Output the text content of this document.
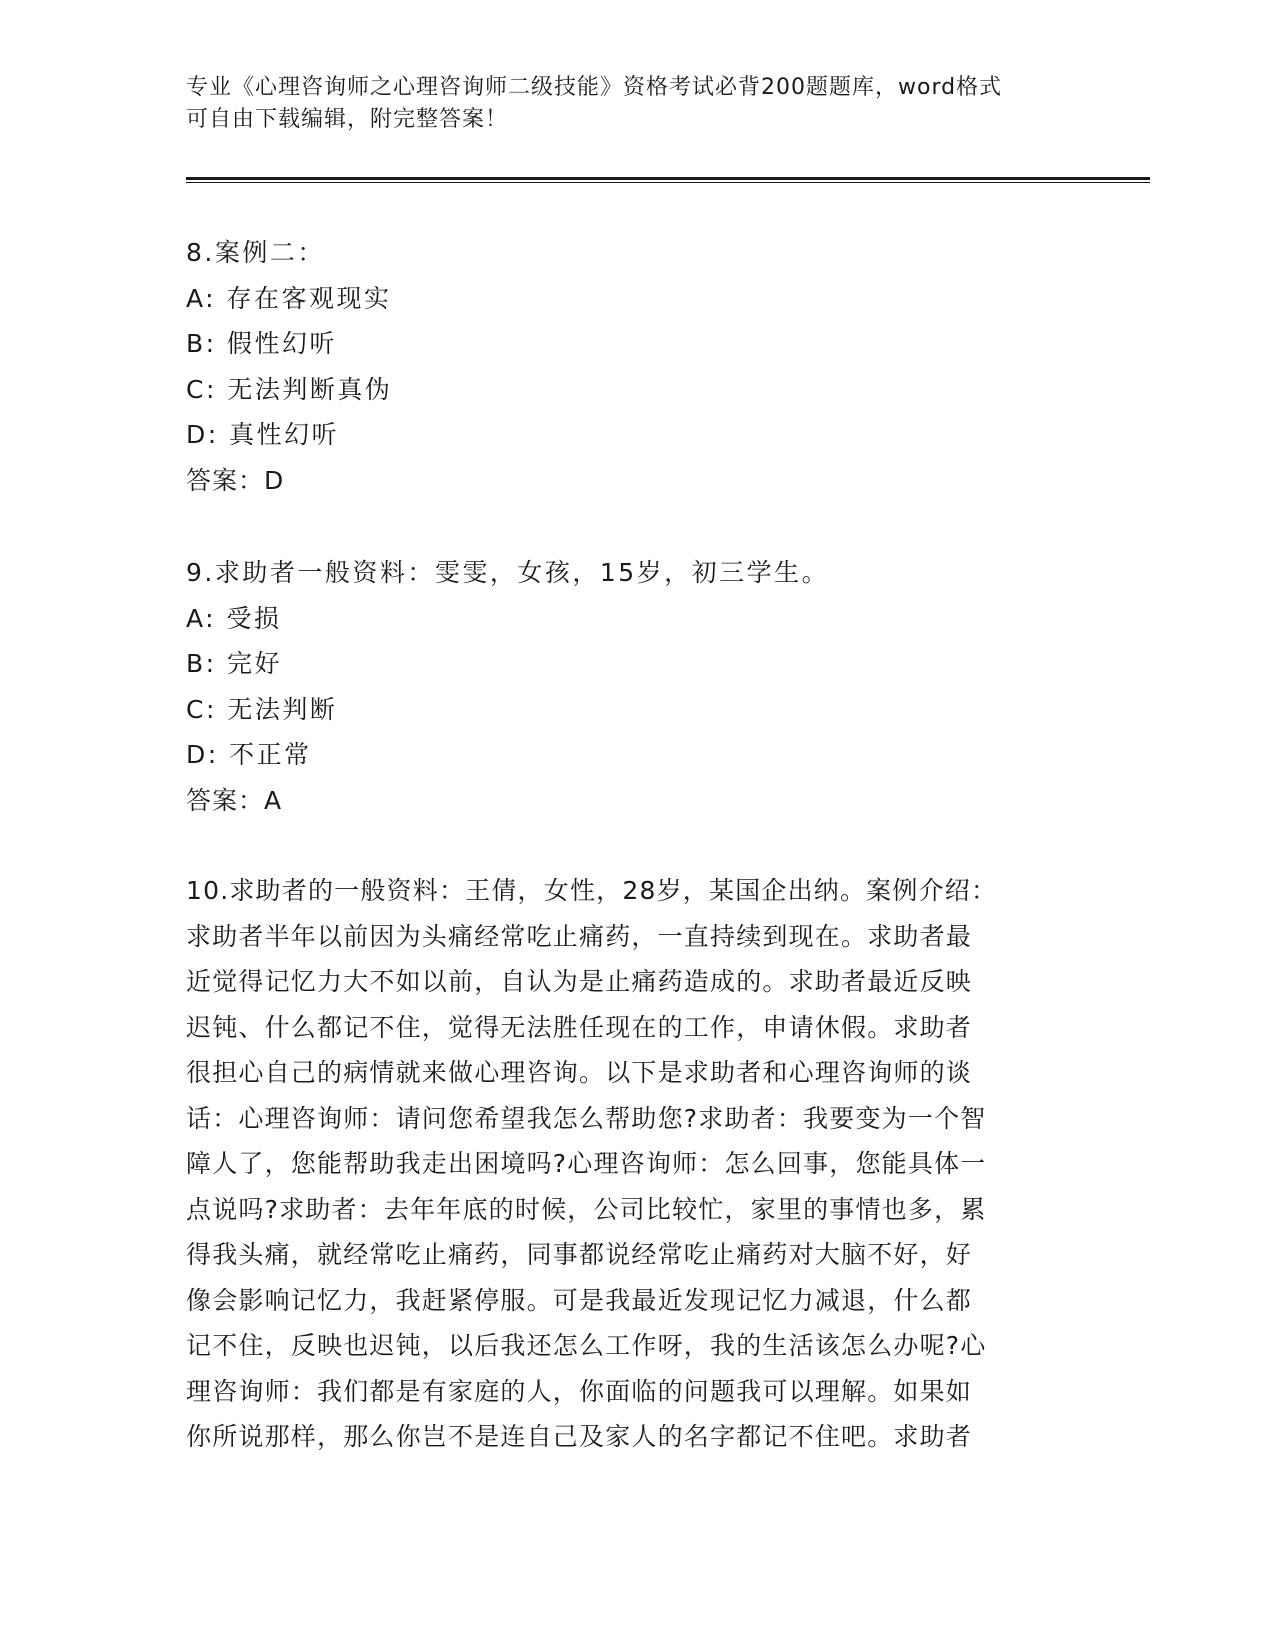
专业《心理咨询师之心理咨询师二级技能》资格考试必背200题题库，word格式

可自由下载编辑，附完整答案！

8.案例二：
A: 存在客观现实
B: 假性幻听
C: 无法判断真伪
D: 真性幻听
答案：D
9.求助者一般资料：雯雯，女孩，15岁，初三学生。
A: 受损
B: 完好
C: 无法判断
D: 不正常
答案：A
10.求助者的一般资料：王倩，女性，28岁，某国企出纳。案例介绍：
求助者半年以前因为头痛经常吃止痛药，一直持续到现在。求助者最
近觉得记忆力大不如以前，自认为是止痛药造成的。求助者最近反映
迟钝、什么都记不住，觉得无法胜任现在的工作，申请休假。求助者
很担心自己的病情就来做心理咨询。以下是求助者和心理咨询师的谈
话：心理咨询师：请问您希望我怎么帮助您?求助者：我要变为一个智
障人了，您能帮助我走出困境吗?心理咨询师：怎么回事，您能具体一
点说吗?求助者：去年年底的时候，公司比较忙，家里的事情也多，累
得我头痛，就经常吃止痛药，同事都说经常吃止痛药对大脑不好，好
像会影响记忆力，我赶紧停服。可是我最近发现记忆力减退，什么都
记不住，反映也迟钝，以后我还怎么工作呀，我的生活该怎么办呢?心
理咨询师：我们都是有家庭的人，你面临的问题我可以理解。如果如
你所说那样，那么你岂不是连自己及家人的名字都记不住吧。求助者
